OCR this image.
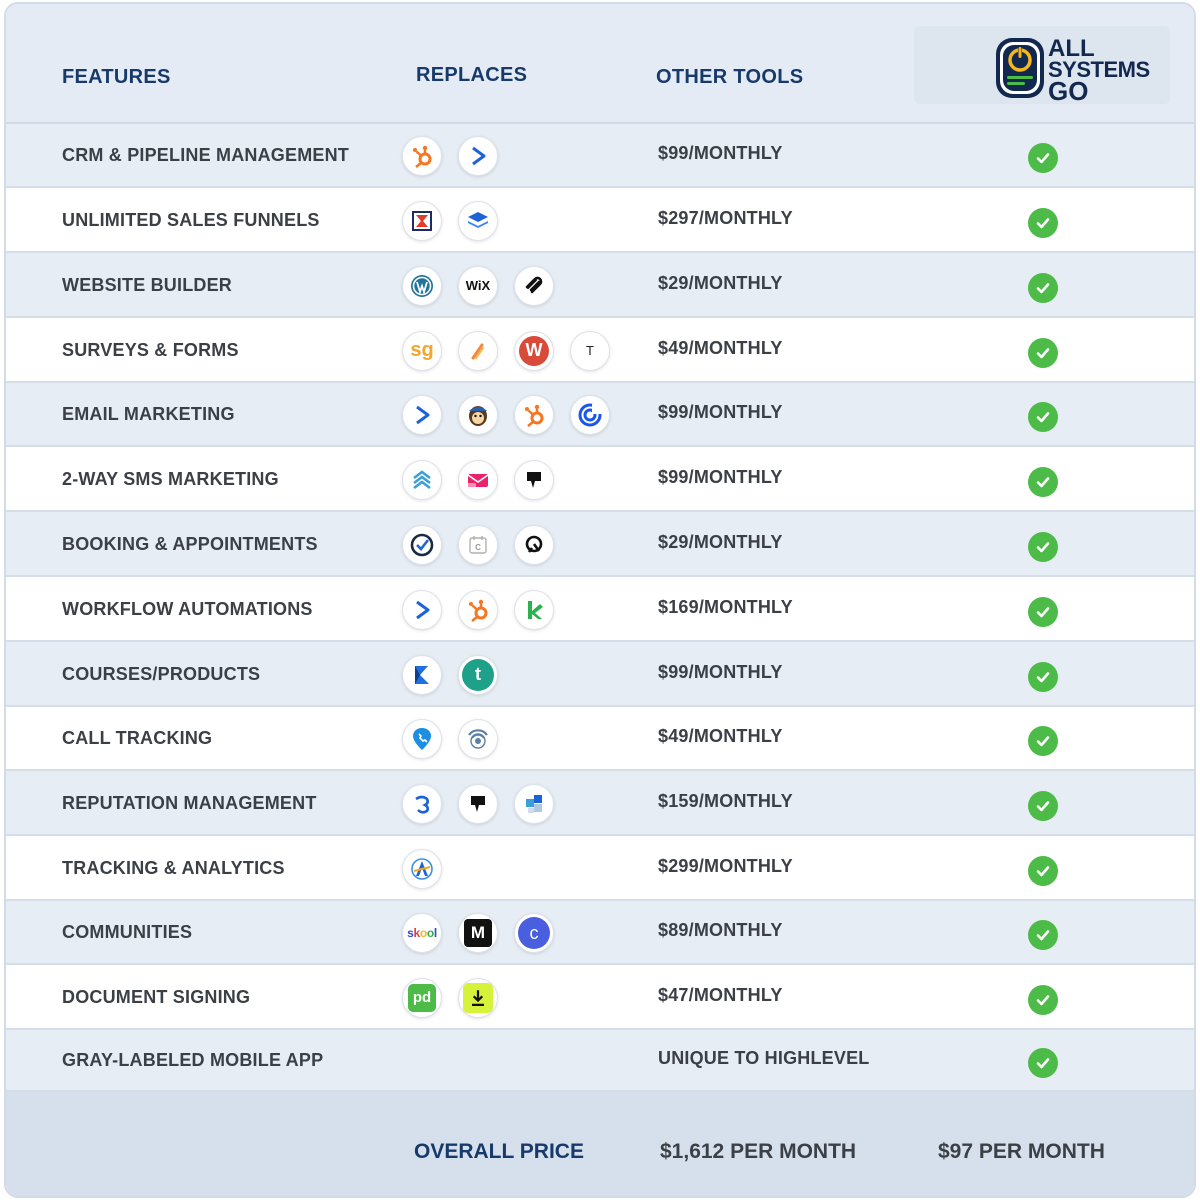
FEATURES	REPLACES	OTHER TOOLS
ALL
SYSTEMS
GO
CRM & PIPELINE MANAGEMENT	$99/MONTHLY
UNLIMITED SALES FUNNELS	$297/MONTHLY
WEBSITE BUILDER	WiX	$29/MONTHLY
SURVEYS & FORMS	sg	W	T	$49/MONTHLY
EMAIL MARKETING	$99/MONTHLY
2-WAY SMS MARKETING	$99/MONTHLY
BOOKING & APPOINTMENTS	C	$29/MONTHLY
WORKFLOW AUTOMATIONS	$169/MONTHLY
COURSES/PRODUCTS	t	$99/MONTHLY
CALL TRACKING	$49/MONTHLY
REPUTATION MANAGEMENT	$159/MONTHLY
TRACKING & ANALYTICS	$299/MONTHLY
COMMUNITIES	skool	M	c	$89/MONTHLY
DOCUMENT SIGNING	pd	$47/MONTHLY
GRAY-LABELED MOBILE APP	UNIQUE TO HIGHLEVEL
OVERALL PRICE	$1,612 PER MONTH	$97 PER MONTH
